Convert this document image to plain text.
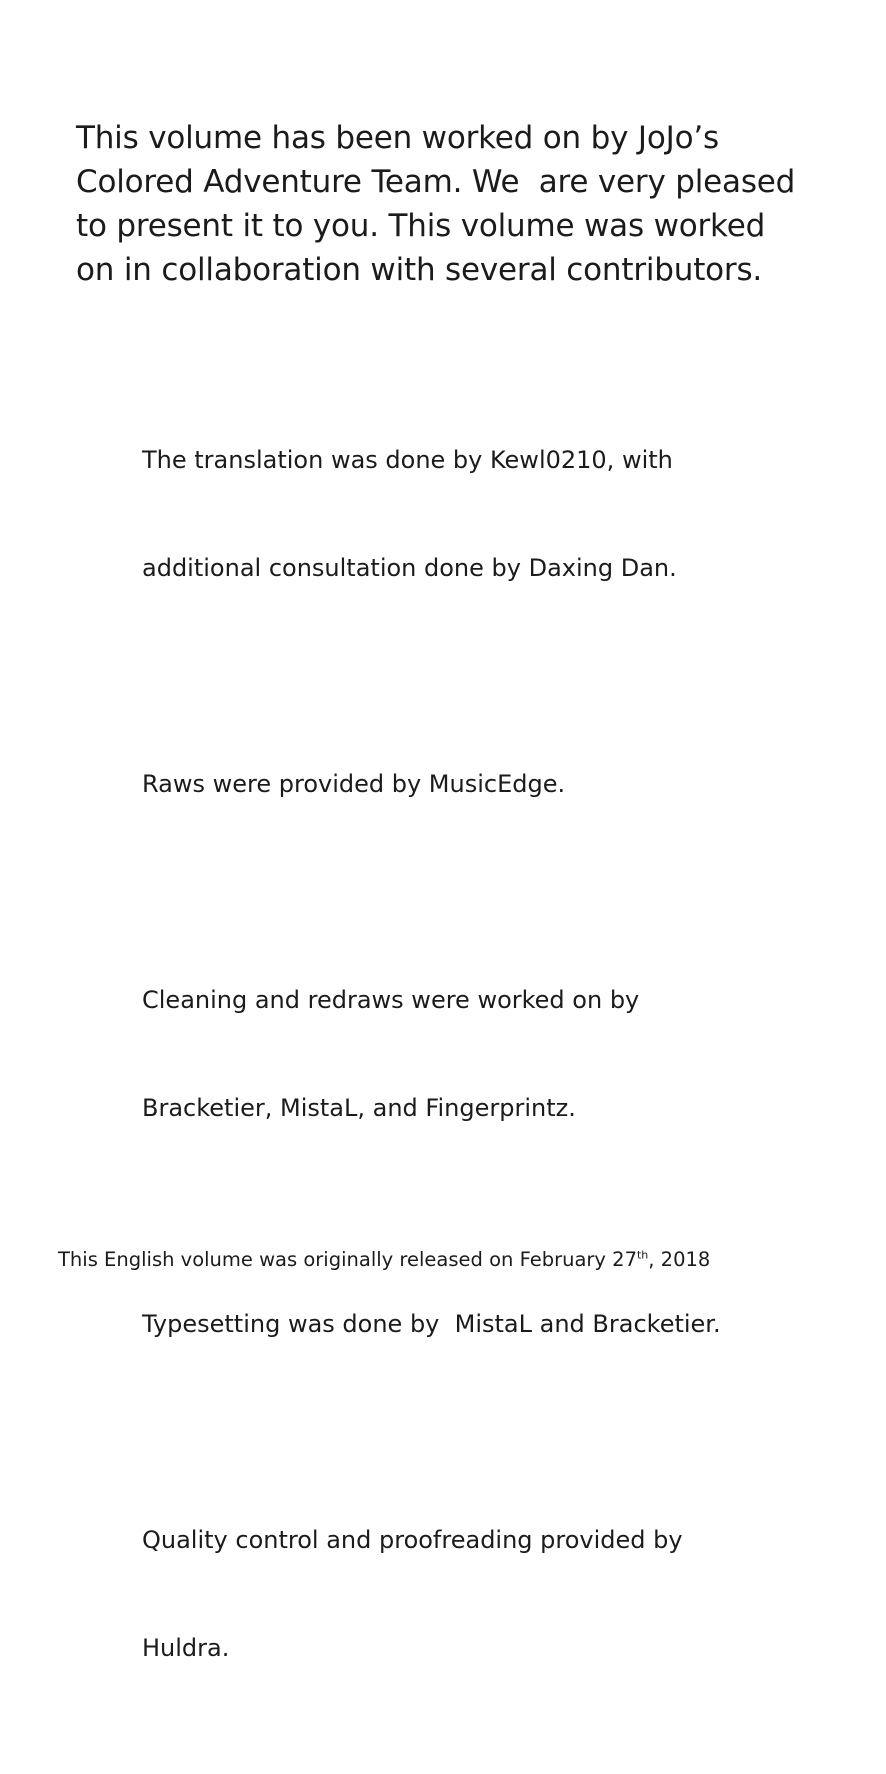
This volume has been worked on by JoJo’s
Colored Adventure Team. We  are very pleased
to present it to you. This volume was worked
on in collaboration with several contributors.

The translation was done by Kewl0210, with

additional consultation done by Daxing Dan.

Raws were provided by MusicEdge.

Cleaning and redraws were worked on by

Bracketier, MistaL, and Fingerprintz.

Typesetting was done by  MistaL and Bracketier.

Quality control and proofreading provided by

Huldra.

This English volume was originally released on February 27th, 2018
